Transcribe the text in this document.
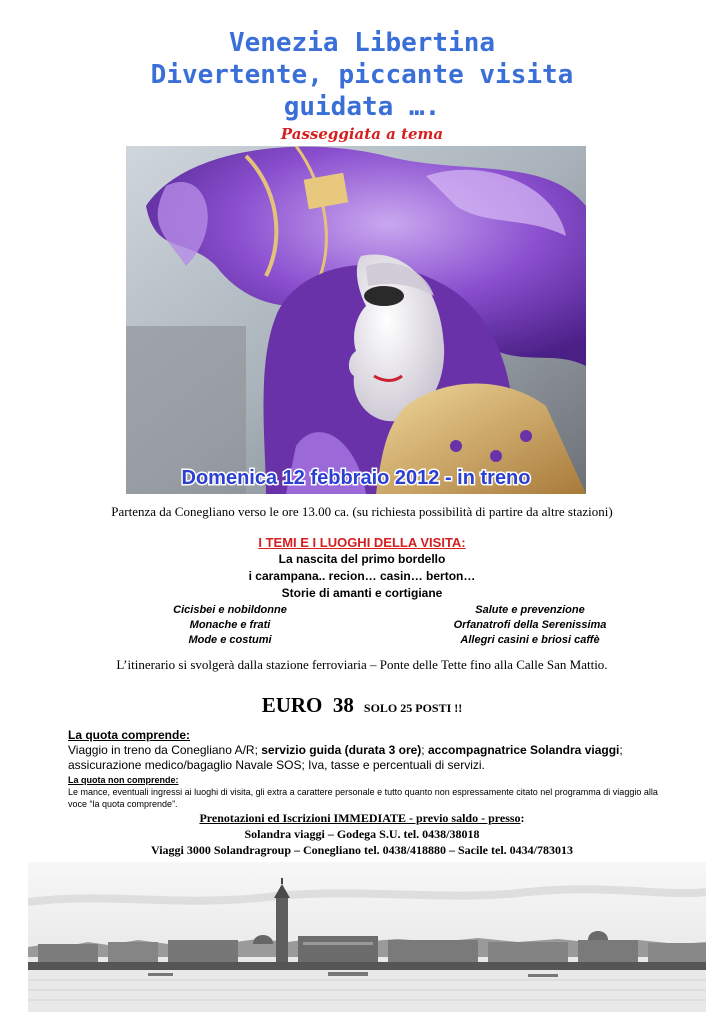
Venezia Libertina
Divertente, piccante visita
guidata ….
Passeggiata a tema
Domenica 12 febbraio 2012 - in treno
Partenza da Conegliano verso le ore 13.00 ca. (su richiesta possibilità di partire da altre stazioni)
I TEMI E I LUOGHI DELLA VISITA:
La nascita del primo bordello
i carampana.. recion… casin… berton…
Storie di amanti e cortigiane
Cicisbei e nobildonne
Monache e frati
Mode e costumi
Salute e prevenzione
Orfanatrofi della Serenissima
Allegri casini e briosi caffè
L’itinerario si svolgerà dalla stazione ferroviaria – Ponte delle Tette fino alla Calle San Mattio.
EURO  38 SOLO 25 POSTI !!
La quota comprende:
Viaggio in treno da Conegliano A/R; servizio guida (durata 3 ore); accompagnatrice Solandra viaggi; assicurazione medico/bagaglio Navale SOS; Iva, tasse e percentuali di servizi.
La quota non comprende:
Le mance, eventuali ingressi ai luoghi di visita, gli extra a carattere personale e tutto quanto non espressamente citato nel programma di viaggio alla voce “la quota comprende”.
Prenotazioni ed Iscrizioni IMMEDIATE - previo saldo - presso:
Solandra viaggi – Godega S.U. tel. 0438/38018
Viaggi 3000 Solandragroup – Conegliano tel. 0438/418880 – Sacile tel. 0434/783013
